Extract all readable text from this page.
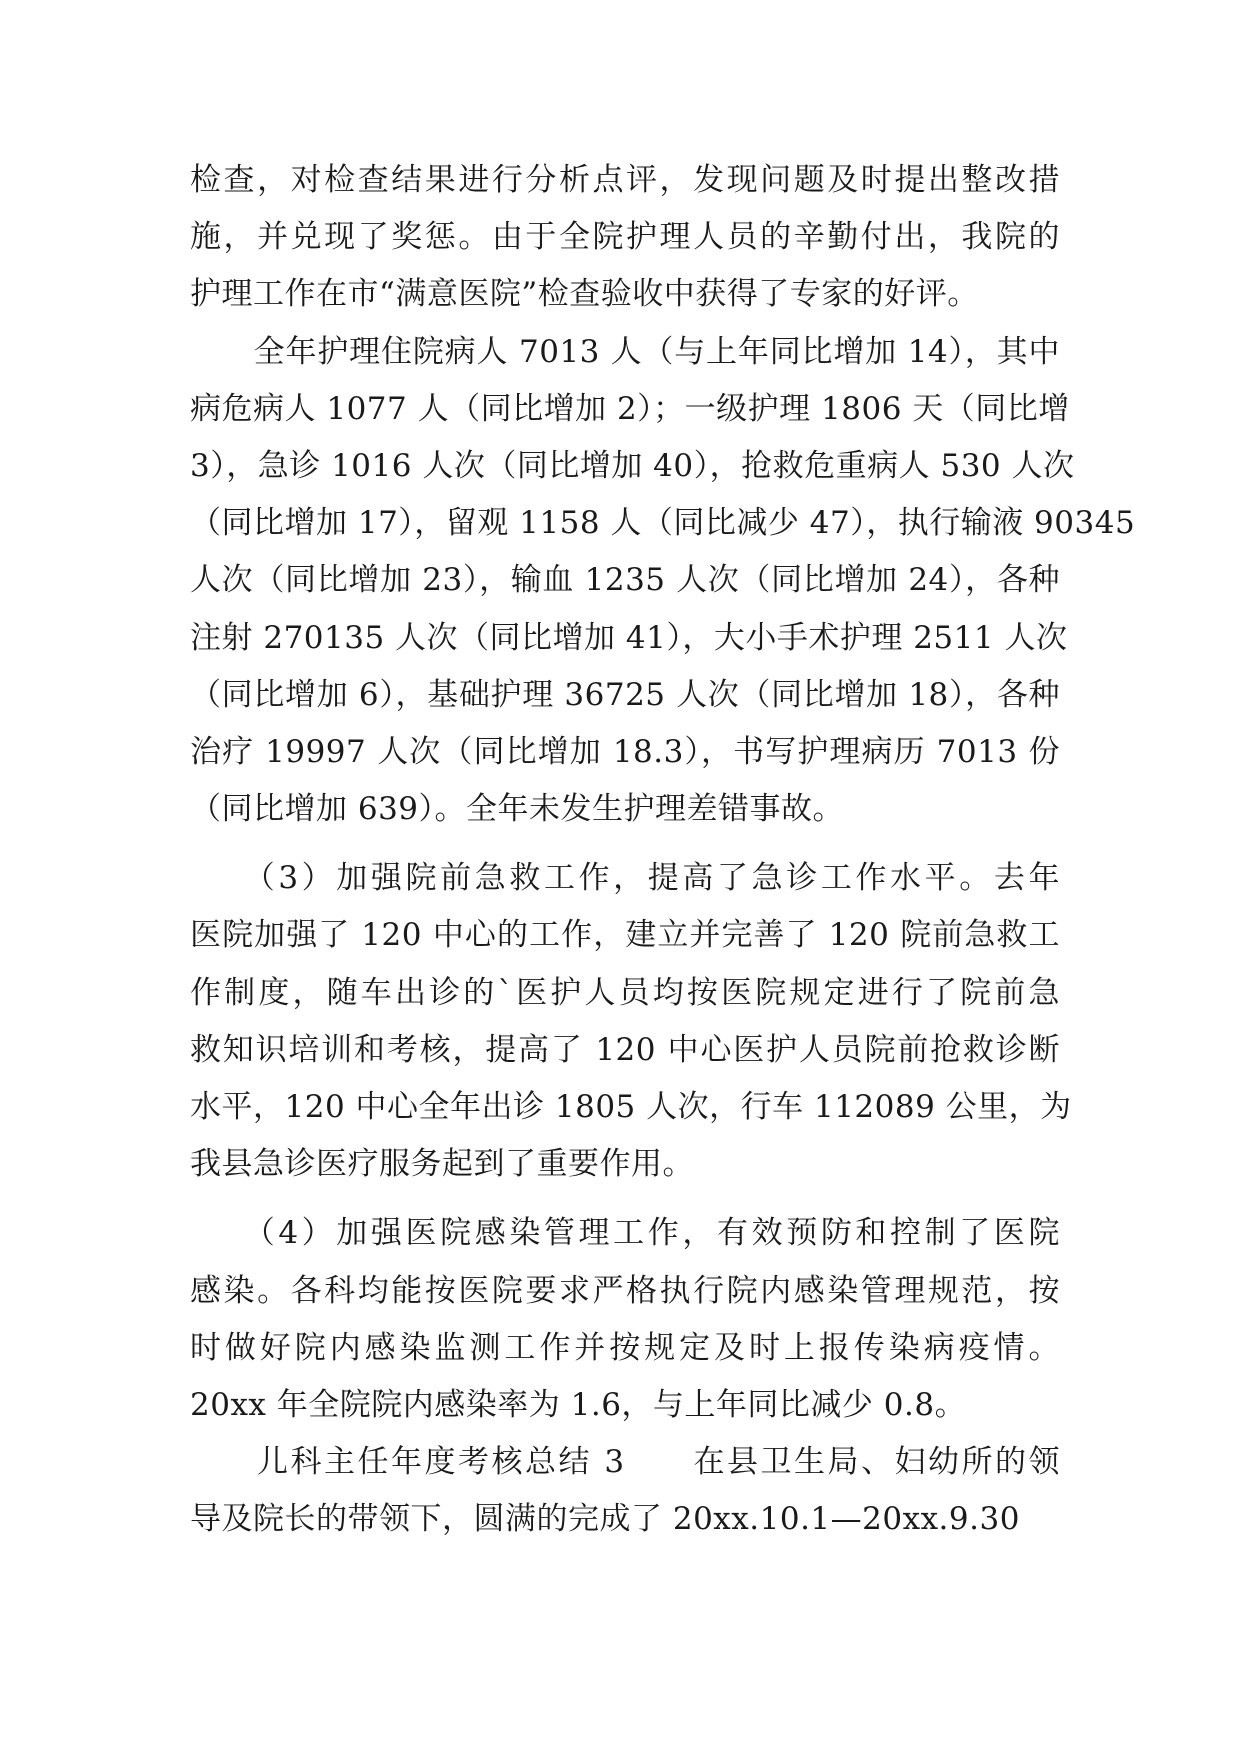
检查，对检查结果进行分析点评，发现问题及时提出整改措
施，并兑现了奖惩。由于全院护理人员的辛勤付出，我院的
护理工作在市“满意医院”检查验收中获得了专家的好评。
　　全年护理住院病人 7013 人（与上年同比增加 14），其中
病危病人 1077 人（同比增加 2）；一级护理 1806 天（同比增
3），急诊 1016 人次（同比增加 40），抢救危重病人 530 人次
（同比增加 17），留观 1158 人（同比减少 47），执行输液 90345
人次（同比增加 23），输血 1235 人次（同比增加 24），各种
注射 270135 人次（同比增加 41），大小手术护理 2511 人次
（同比增加 6），基础护理 36725 人次（同比增加 18），各种
治疗 19997 人次（同比增加 18.3），书写护理病历 7013 份
（同比增加 639）。全年未发生护理差错事故。
　　（3）加强院前急救工作，提高了急诊工作水平。去年
医院加强了 120 中心的工作，建立并完善了 120 院前急救工
作制度，随车出诊的`医护人员均按医院规定进行了院前急
救知识培训和考核，提高了 120 中心医护人员院前抢救诊断
水平，120 中心全年出诊 1805 人次，行车 112089 公里，为
我县急诊医疗服务起到了重要作用。
　　（4）加强医院感染管理工作，有效预防和控制了医院
感染。各科均能按医院要求严格执行院内感染管理规范，按
时做好院内感染监测工作并按规定及时上报传染病疫情。
20xx 年全院院内感染率为 1.6，与上年同比减少 0.8。
　　儿科主任年度考核总结 3　　在县卫生局、妇幼所的领
导及院长的带领下，圆满的完成了 20xx.10.1—20xx.9.30
